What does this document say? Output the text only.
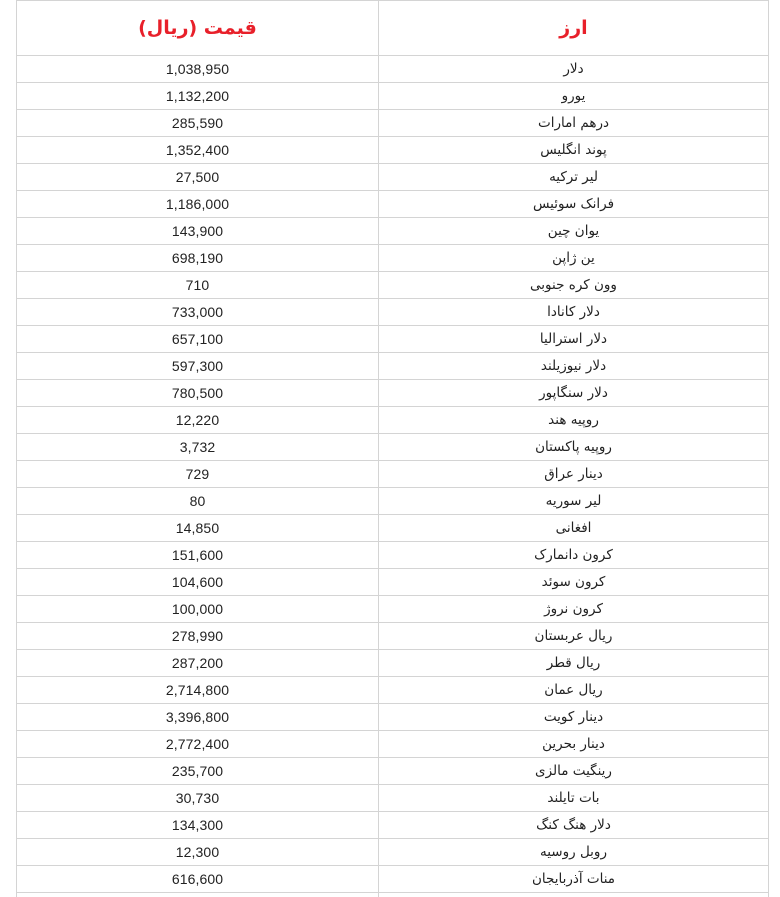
قیمت (ریال)	ارز
1,038,950	دلار
1,132,200	یورو
285,590	درهم امارات
1,352,400	پوند انگلیس
27,500	لیر ترکیه
1,186,000	فرانک سوئیس
143,900	یوان چین
698,190	ین ژاپن
710	وون کره جنوبی
733,000	دلار کانادا
657,100	دلار استرالیا
597,300	دلار نیوزیلند
780,500	دلار سنگاپور
12,220	روپیه هند
3,732	روپیه پاکستان
729	دینار عراق
80	لیر سوریه
14,850	افغانی
151,600	کرون دانمارک
104,600	کرون سوئد
100,000	کرون نروژ
278,990	ریال عربستان
287,200	ریال قطر
2,714,800	ریال عمان
3,396,800	دینار کویت
2,772,400	دینار بحرین
235,700	رینگیت مالزی
30,730	بات تایلند
134,300	دلار هنگ کنگ
12,300	روبل روسیه
616,600	منات آذربایجان
